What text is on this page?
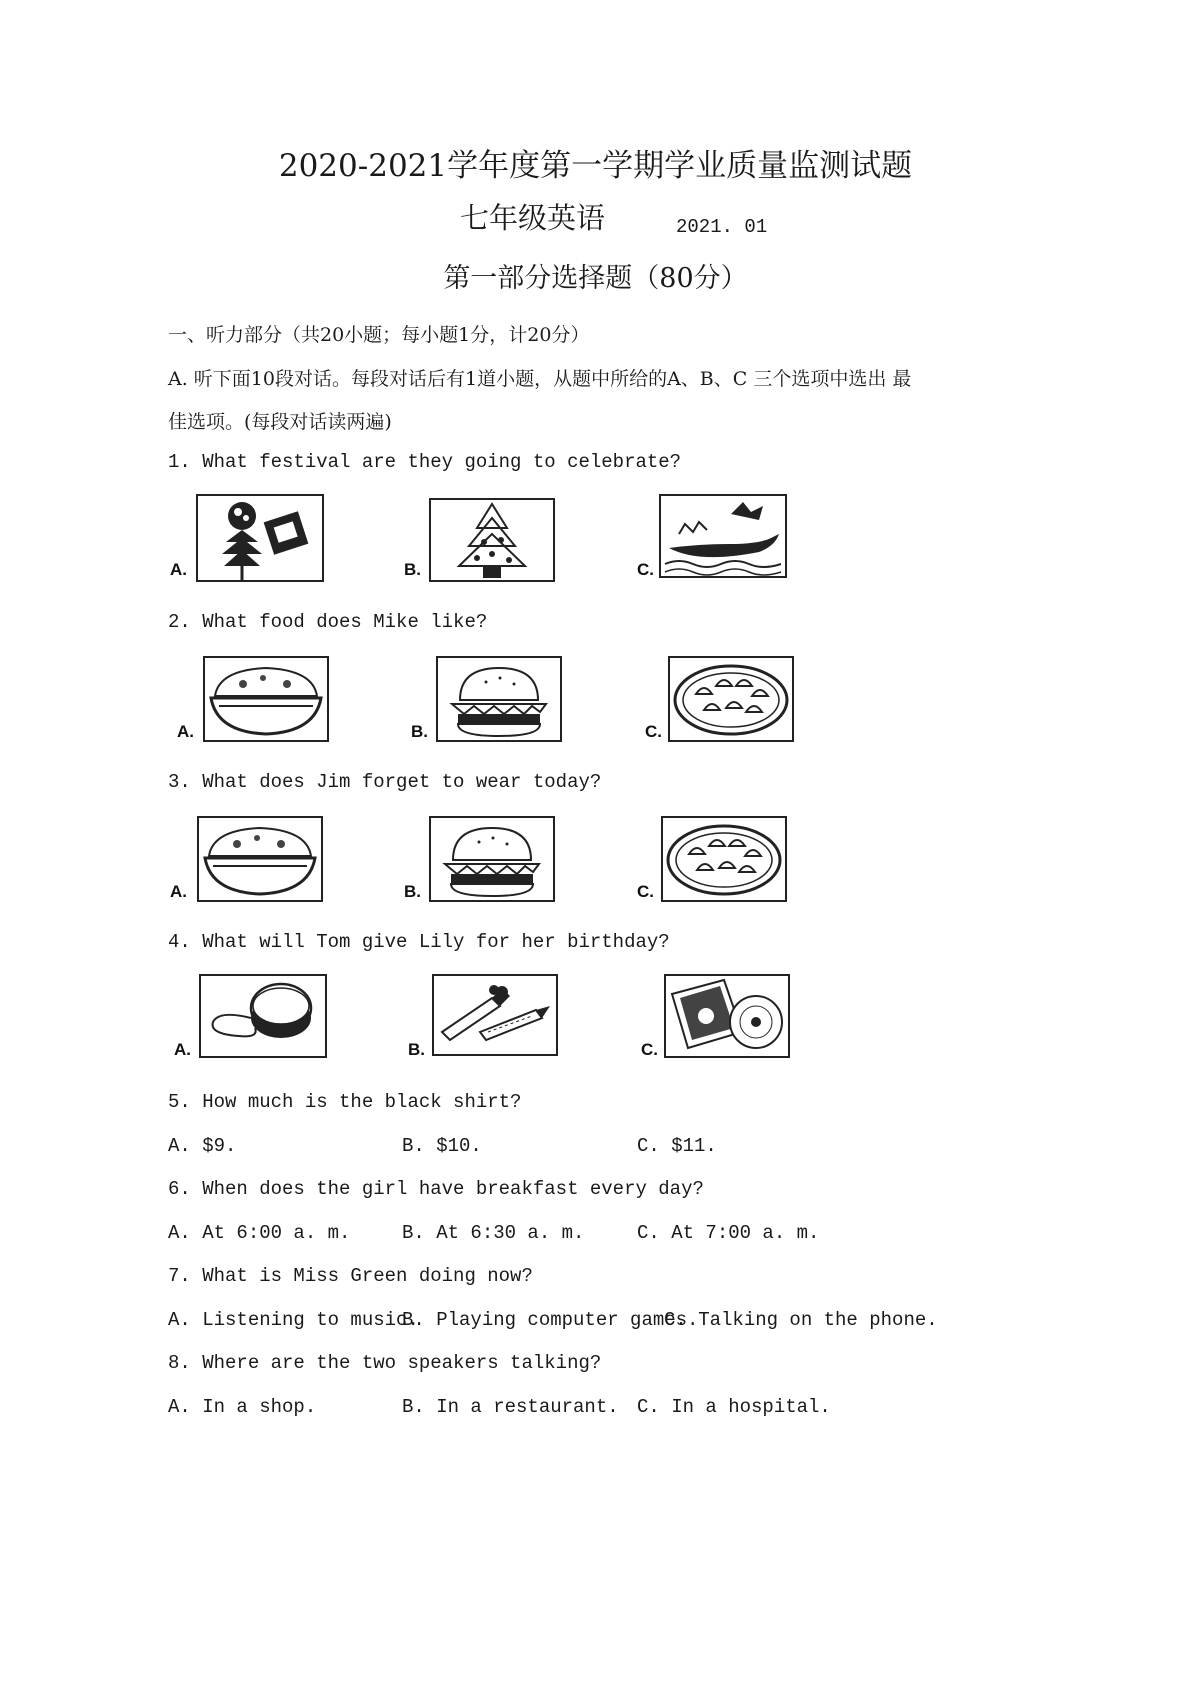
2020-2021学年度第一学期学业质量监测试题
七年级英语	2021. 01
第一部分选择题（80分）
一、听力部分（共20小题；每小题1分，计20分）
A. 听下面10段对话。每段对话后有1道小题，从题中所给的A、B、C 三个选项中选出 最
佳选项。(每段对话读两遍)
1. What festival are they going to celebrate?
A.	B.	C.
2. What food does Mike like?
A.	B.	C.
3. What does Jim forget to wear today?
A.	B.	C.
4. What will Tom give Lily for her birthday?
A.	B.	C.
5. How much is the black shirt?
A. $9.	B. $10.	C. $11.
6. When does the girl have breakfast every day?
A. At 6:00 a. m.	B. At 6:30 a. m.	C. At 7:00 a. m.
7. What is Miss Green doing now?
A. Listening to music.
B. Playing computer games.
C. Talking on the phone.
8. Where are the two speakers talking?
A. In a shop.	B. In a restaurant. C. In a hospital.
